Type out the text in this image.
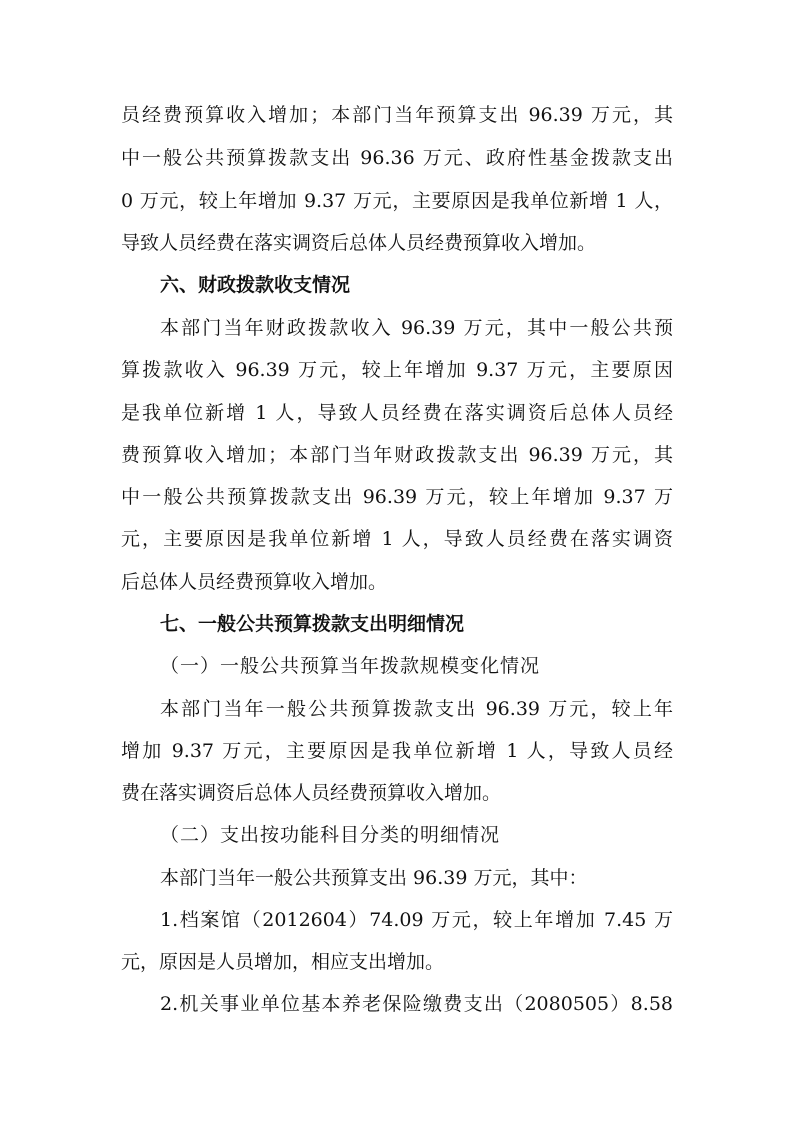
员经费预算收入增加；本部门当年预算支出 96.39 万元，其
中一般公共预算拨款支出 96.36 万元、政府性基金拨款支出
0 万元，较上年增加 9.37 万元，主要原因是我单位新增 1 人，
导致人员经费在落实调资后总体人员经费预算收入增加。
六、财政拨款收支情况
本部门当年财政拨款收入 96.39 万元，其中一般公共预
算拨款收入 96.39 万元，较上年增加 9.37 万元，主要原因
是我单位新增 1 人，导致人员经费在落实调资后总体人员经
费预算收入增加；本部门当年财政拨款支出 96.39 万元，其
中一般公共预算拨款支出 96.39 万元，较上年增加 9.37 万
元，主要原因是我单位新增 1 人，导致人员经费在落实调资
后总体人员经费预算收入增加。
七、一般公共预算拨款支出明细情况
（一）一般公共预算当年拨款规模变化情况
本部门当年一般公共预算拨款支出 96.39 万元，较上年
增加 9.37 万元，主要原因是我单位新增 1 人，导致人员经
费在落实调资后总体人员经费预算收入增加。
（二）支出按功能科目分类的明细情况
本部门当年一般公共预算支出 96.39 万元，其中：
1.档案馆（2012604）74.09 万元，较上年增加 7.45 万
元，原因是人员增加，相应支出增加。
2.机关事业单位基本养老保险缴费支出（2080505）8.58
